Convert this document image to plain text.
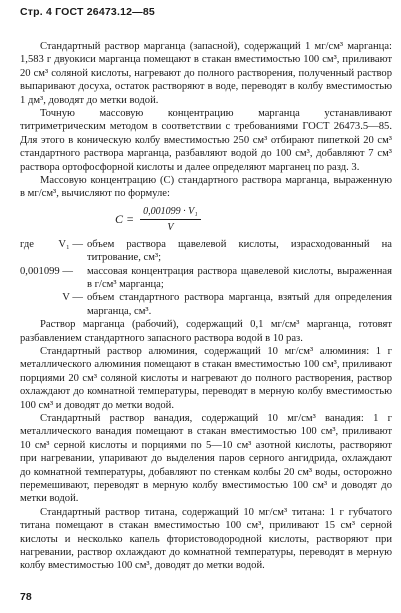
Стр. 4 ГОСТ 26473.12—85

Стандартный раствор марганца (запасной), содержащий 1 мг/см³ марганца: 1,583 г двуокиси марганца помещают в стакан вместимостью 100 см³, приливают 20 см³ соляной кислоты, нагревают до полного растворения, полученный раствор выпаривают досуха, остаток растворяют в воде, переводят в колбу вместимостью 1 дм³, доводят до метки водой.

Точную массовую концентрацию марганца устанавливают титриметрическим методом в соответствии с требованиями ГОСТ 26473.5—85. Для этого в коническую колбу вместимостью 250 см³ отбирают пипеткой 20 см³ стандартного раствора марганца, разбавляют водой до 100 см³, добавляют 7 см³ раствора ортофосфорной кислоты и далее определяют марганец по разд. 3.

Массовую концентрацию (C) стандартного раствора марганца, выраженную в мг/см³, вычисляют по формуле:

$C = \frac{\text{0,001099 · V₁}}{V}$
где	V₁ — объем раствора щавелевой кислоты, израсходованный на титрование, см³;
0,001099 —	массовая концентрация раствора щавелевой кислоты, выраженная в г/см³ марганца;
V — объем стандартного раствора марганца, взятый для определения марганца, см³.

Раствор марганца (рабочий), содержащий 0,1 мг/см³ марганца, готовят разбавлением стандартного запасного раствора водой в 10 раз.

Стандартный раствор алюминия, содержащий 10 мг/см³ алюминия: 1 г металлического алюминия помещают в стакан вместимостью 100 см³, приливают порциями 20 см³ соляной кислоты и нагревают до полного растворения, раствор охлаждают до комнатной температуры, переводят в мерную колбу вместимостью 100 см³ и доводят до метки водой.

Стандартный раствор ванадия, содержащий 10 мг/см³ ванадия: 1 г металлического ванадия помещают в стакан вместимостью 100 см³, приливают 10 см³ серной кислоты и порциями по 5—10 см³ азотной кислоты, растворяют при нагревании, упаривают до выделения паров серного ангидрида, охлаждают до комнатной температуры, добавляют по стенкам колбы 20 см³ воды, осторожно перемешивают, переводят в мерную колбу вместимостью 100 см³ и доводят до метки водой.

Стандартный раствор титана, содержащий 10 мг/см³ титана: 1 г губчатого титана помещают в стакан вместимостью 100 см³, приливают 15 см³ серной кислоты и несколько капель фтористоводородной кислоты, растворяют при нагревании, раствор охлаждают до комнатной температуры, переводят в мерную колбу вместимостью 100 см³, доводят до метки водой.

78
